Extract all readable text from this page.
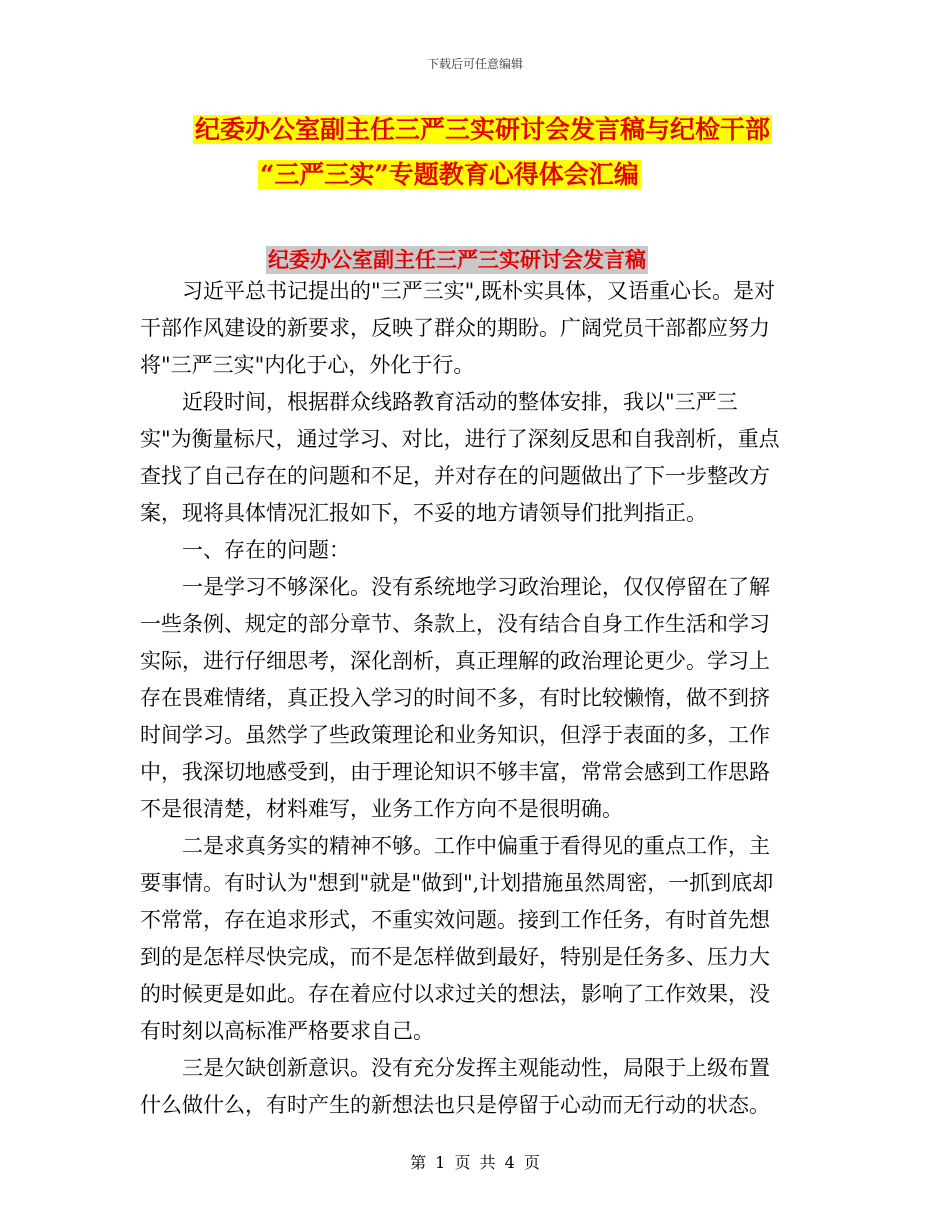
下载后可任意编辑
纪委办公室副主任三严三实研讨会发言稿与纪检干部
“三严三实”专题教育心得体会汇编
纪委办公室副主任三严三实研讨会发言稿
　　习近平总书记提出的"三严三实",既朴实具体，又语重心长。是对
干部作风建设的新要求，反映了群众的期盼。广阔党员干部都应努力
将"三严三实"内化于心，外化于行。
　　近段时间，根据群众线路教育活动的整体安排，我以"三严三
实"为衡量标尺，通过学习、对比，进行了深刻反思和自我剖析，重点
查找了自己存在的问题和不足，并对存在的问题做出了下一步整改方
案，现将具体情况汇报如下，不妥的地方请领导们批判指正。
　　一、存在的问题：
　　一是学习不够深化。没有系统地学习政治理论，仅仅停留在了解
一些条例、规定的部分章节、条款上，没有结合自身工作生活和学习
实际，进行仔细思考，深化剖析，真正理解的政治理论更少。学习上
存在畏难情绪，真正投入学习的时间不多，有时比较懒惰，做不到挤
时间学习。虽然学了些政策理论和业务知识，但浮于表面的多，工作
中，我深切地感受到，由于理论知识不够丰富，常常会感到工作思路
不是很清楚，材料难写，业务工作方向不是很明确。
　　二是求真务实的精神不够。工作中偏重于看得见的重点工作，主
要事情。有时认为"想到"就是"做到",计划措施虽然周密，一抓到底却
不常常，存在追求形式，不重实效问题。接到工作任务，有时首先想
到的是怎样尽快完成，而不是怎样做到最好，特别是任务多、压力大
的时候更是如此。存在着应付以求过关的想法，影响了工作效果，没
有时刻以高标准严格要求自己。
　　三是欠缺创新意识。没有充分发挥主观能动性，局限于上级布置
什么做什么，有时产生的新想法也只是停留于心动而无行动的状态。
第 1 页 共 4 页
